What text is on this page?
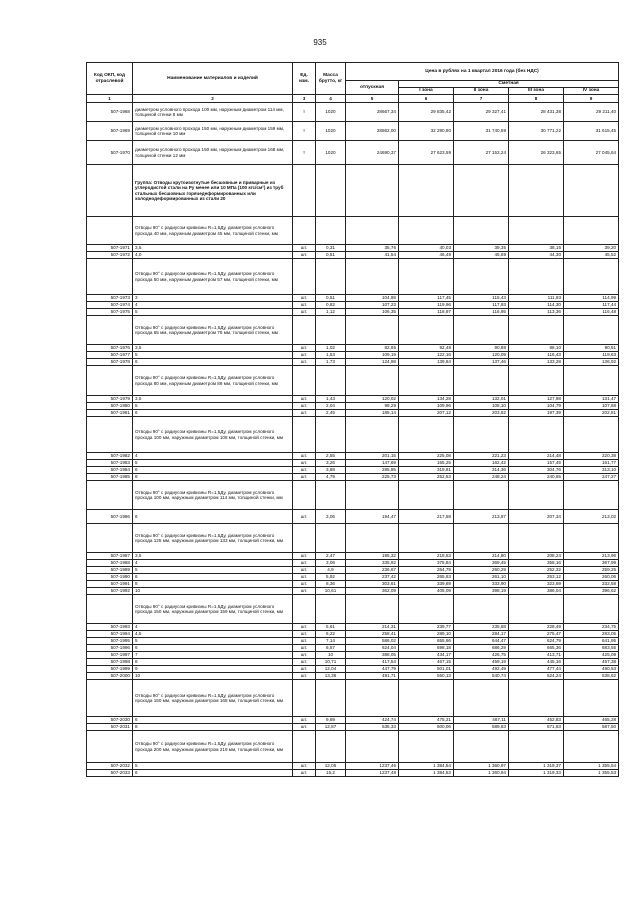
935
Код ОКП, код отраслевой	Наименование материалов и изделий	Ед. изм.	Масса брутто, кг	Цена в рублях на 1 квартал 2016 года (без НДС)				
				отпускная	Сметная			
					I зона	II зона	III зона	IV зона
1	2	3	4	5	6	7	8	9
507-1968	диаметром условного прохода 100 мм, наружным диаметром 114 мм, толщиной стенки 8 мм	т	1020	28667,34	29 835,42	29 327,41	28 431,38	29 211,40
507-1969	диаметром условного прохода 150 мм, наружным диаметром 159 мм, толщиной стенки 10 мм	т	1020	28862,00	32 290,80	31 740,59	30 771,22	31 615,45
507-1970	диаметром условного прохода 150 мм, наружным диаметром 168 мм, толщиной стенки 12 мм	т	1020	24690,37	27 623,59	27 153,24	26 323,65	27 045,64
	Группа: Отводы крутоизогнутые бесшовные и приварные из углеродистой стали на Ру менее или 10 МПа (100 кгс/см²) из труб стальных бесшовных горячедеформированных или холоднодеформированных из стали 20							
	Отводы 90° с радиусом кривизны R=1,5Ду, диаметром условного прохода 40 мм, наружным диаметром 45 мм, толщиной стенки, мм							
507-1971	3,5	шт.	0,31	35,76	40,03	39,35	38,15	39,20
507-1972	4,0	шт.	0,51	41,54	46,49	45,69	44,30	45,52
	Отводы 90° с радиусом кривизны R=1,5Ду, диаметром условного прохода 50 мм, наружным диаметром 57 мм, толщиной стенки, мм							
507-1973	3	шт.	0,51	104,98	117,45	115,43	111,93	114,99
507-1974	4	шт.	0,82	107,23	119,96	117,93	114,30	117,44
507-1975	5	шт.	1,12	106,35	118,97	116,95	113,36	116,48
	Отводы 90° с радиусом кривизны R=1,5Ду, диаметром условного прохода 65 мм, наружным диаметром 76 мм, толщиной стенки, мм							
507-1976	3,5	шт.	1,02	82,65	92,48	90,88	88,10	90,51
507-1977	5	шт.	1,53	109,19	122,16	120,09	116,43	119,63
507-1978	6	шт.	1,73	124,98	139,84	137,46	133,28	136,92
	Отводы 90° с радиусом кривизны R=1,5Ду, диаметром условного прохода 80 мм, наружным диаметром 89 мм, толщиной стенки, мм							
507-1979	3,5	шт.	1,43	120,02	134,28	132,01	127,98	131,47
507-1980	5	шт.	2,04	98,29	109,96	108,10	104,79	107,68
507-1981	6	шт.	2,45	185,14	207,12	203,62	197,39	202,81
	Отводы 90° с радиусом кривизны R=1,5Ду, диаметром условного прохода 100 мм, наружным диаметром 108 мм, толщиной стенки, мм							
507-1982	4	шт.	2,55	201,15	225,08	221,23	214,48	220,38
507-1983	5	шт.	3,26	147,69	165,25	162,42	157,45	161,77
507-1984	6	шт.	3,88	285,85	319,81	314,36	304,76	313,10
507-1985	8	шт.	4,79	225,73	252,53	248,24	240,65	247,27
	Отводы 90° с радиусом кривизны R=1,5Ду, диаметром условного прохода 100 мм, наружным диаметром 114 мм, толщиной стенки, мм							
507-1986	6	шт.	3,06	194,47	217,58	213,87	207,34	213,02
	Отводы 90° с радиусом кривизны R=1,5Ду, диаметром условного прохода 125 мм, наружным диаметром 133 мм, толщиной стенки, мм							
507-1987	3,5	шт.	2,47	195,32	218,53	214,80	208,24	213,96
507-1988	4	шт.	3,06	335,92	375,84	369,45	358,16	367,99
507-1989	5	шт.	4,9	236,67	264,79	260,29	252,32	259,25
507-1990	6	шт.	5,92	237,42	265,63	261,10	253,12	260,06
507-1991	8	шт.	8,36	303,61	339,69	333,90	323,69	332,58
507-1992	10	шт.	10,61	362,09	405,09	398,19	386,04	396,62
	Отводы 90° с радиусом кривизны R=1,5Ду, диаметром условного прохода 150 мм, наружным диаметром 159 мм, толщиной стенки, мм							
507-1993	4	шт.	5,61	214,31	239,77	235,68	228,49	234,75
507-1994	4,5	шт.	6,22	258,41	289,10	284,17	275,47	283,05
507-1995	5	шт.	7,14	586,02	655,66	644,47	624,79	641,95
507-1996	6	шт.	8,57	624,04	698,18	686,29	665,36	683,55
507-1997	7	шт.	10	388,05	434,17	426,75	413,71	425,09
507-1998	8	шт.	10,71	417,54	467,15	459,19	445,16	457,38
507-1999	9	шт.	12,04	447,79	501,01	492,49	477,44	490,53
507-2000	10	шт.	13,36	491,71	550,13	540,74	524,24	538,62
	Отводы 90° с радиусом кривизны R=1,5Ду, диаметром условного прохода 150 мм, наружным диаметром 168 мм, толщиной стенки, мм							
507-2030	6	шт.	9,89	424,74	475,21	467,11	452,83	465,28
507-2031	8	шт.	12,87	536,33	600,06	589,83	571,83	587,50
	Отводы 90° с радиусом кривизны R=1,5Ду, диаметром условного прохода 200 мм, наружным диаметром 219 мм, толщиной стенки, мм							
507-2032	5	шт.	12,05	1237,46	1 384,54	1 360,97	1 319,37	1 355,54
507-2033	6	шт.	15,2	1237,48	1 384,53	1 360,94	1 319,33	1 355,53
